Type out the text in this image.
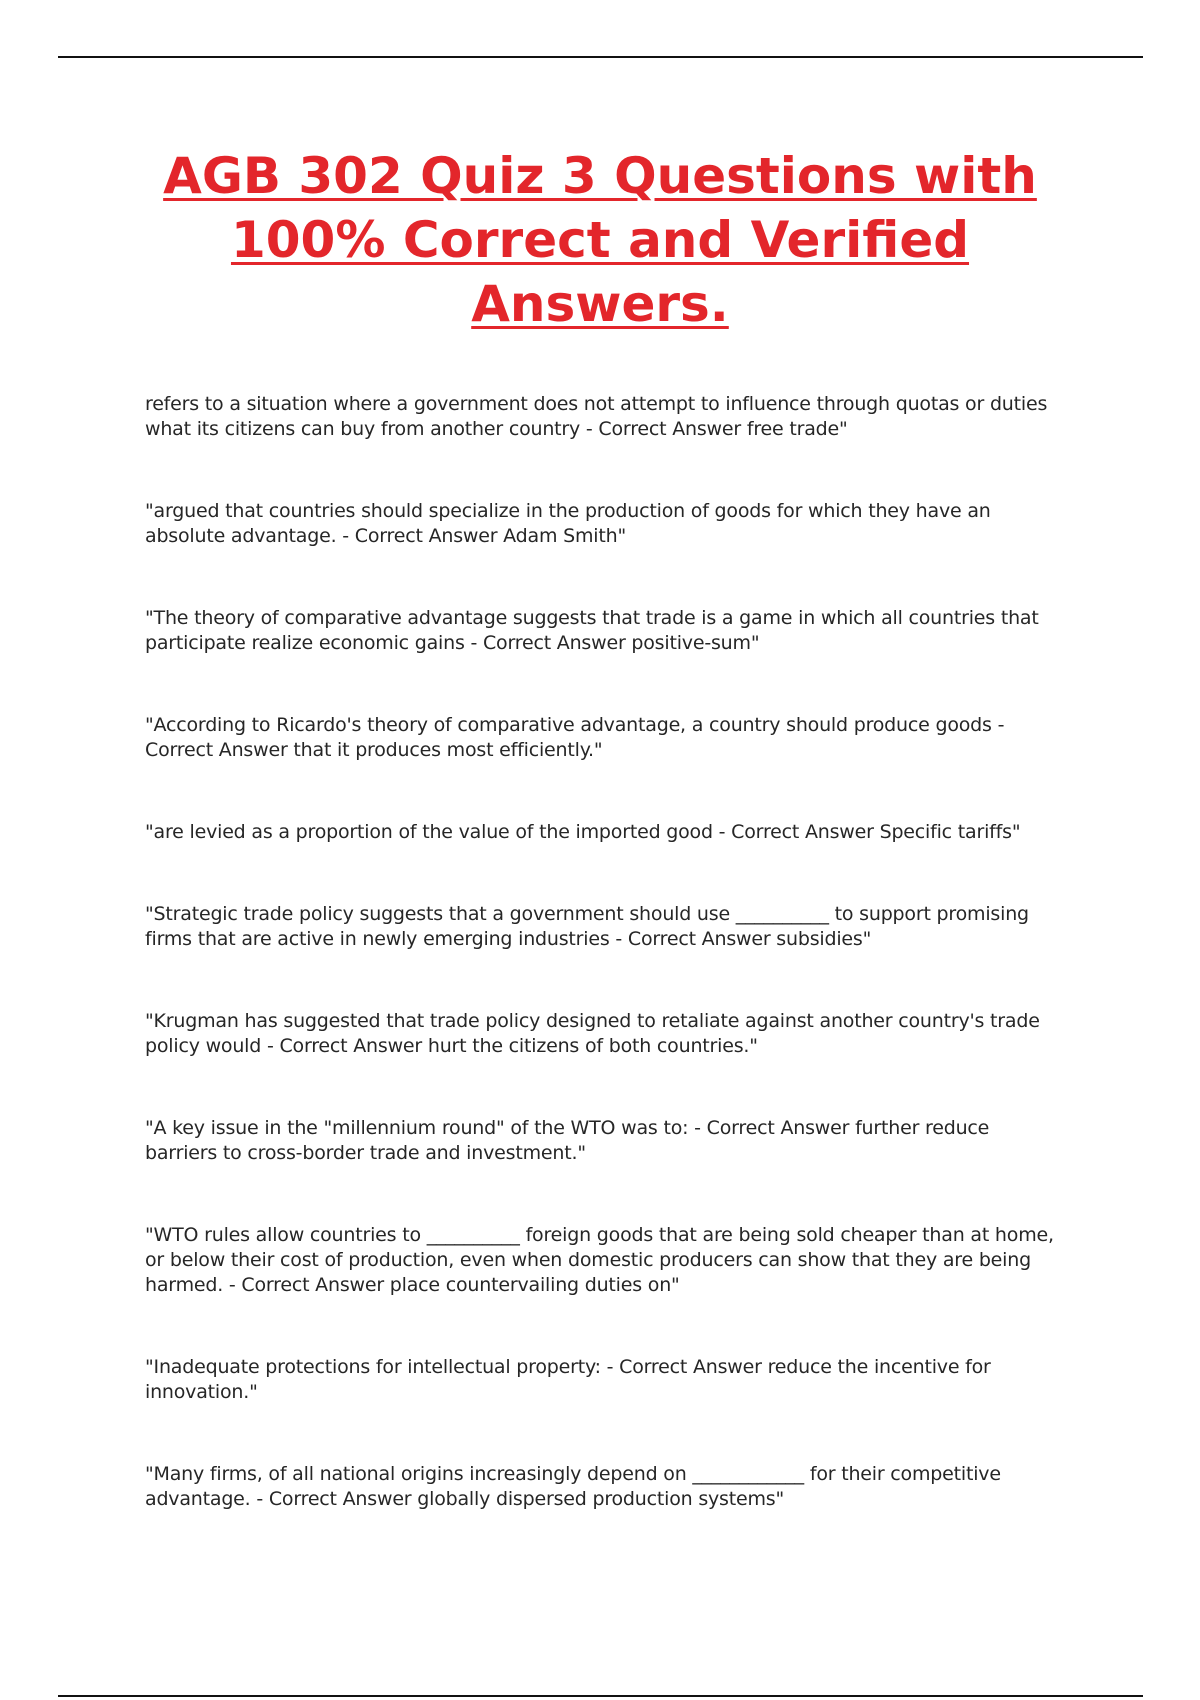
AGB 302 Quiz 3 Questions with 100% Correct and Verified Answers.

refers to a situation where a government does not attempt to influence through quotas or duties what its citizens can buy from another country - Correct Answer free trade"

"argued that countries should specialize in the production of goods for which they have an absolute advantage. - Correct Answer Adam Smith"

"The theory of comparative advantage suggests that trade is a game in which all countries that participate realize economic gains - Correct Answer positive-sum"

"According to Ricardo's theory of comparative advantage, a country should produce goods - Correct Answer that it produces most efficiently."

"are levied as a proportion of the value of the imported good - Correct Answer Specific tariffs"

"Strategic trade policy suggests that a government should use __________ to support promising firms that are active in newly emerging industries - Correct Answer subsidies"

"Krugman has suggested that trade policy designed to retaliate against another country's trade policy would - Correct Answer hurt the citizens of both countries."

"A key issue in the "millennium round" of the WTO was to: - Correct Answer further reduce barriers to cross-border trade and investment."

"WTO rules allow countries to __________ foreign goods that are being sold cheaper than at home, or below their cost of production, even when domestic producers can show that they are being harmed. - Correct Answer place countervailing duties on"

"Inadequate protections for intellectual property: - Correct Answer reduce the incentive for innovation."

"Many firms, of all national origins increasingly depend on ____________ for their competitive advantage. - Correct Answer globally dispersed production systems"
